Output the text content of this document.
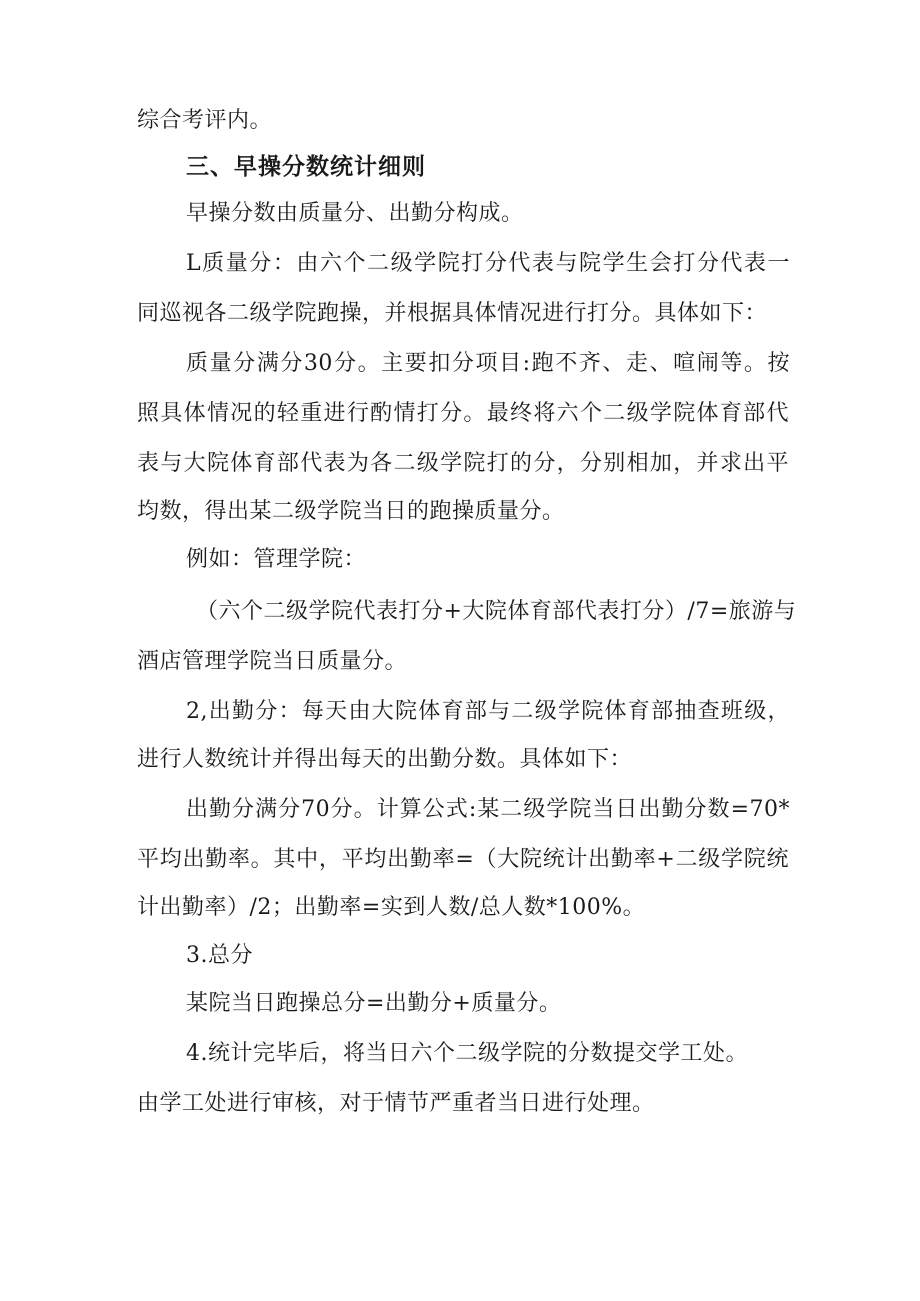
综合考评内。
三、早操分数统计细则
早操分数由质量分、出勤分构成。
L质量分：由六个二级学院打分代表与院学生会打分代表一
同巡视各二级学院跑操，并根据具体情况进行打分。具体如下：
质量分满分30分。主要扣分项目:跑不齐、走、喧闹等。按
照具体情况的轻重进行酌情打分。最终将六个二级学院体育部代
表与大院体育部代表为各二级学院打的分，分别相加，并求出平
均数，得出某二级学院当日的跑操质量分。
例如：管理学院：
（六个二级学院代表打分+大院体育部代表打分）/7=旅游与
酒店管理学院当日质量分。
2,出勤分：每天由大院体育部与二级学院体育部抽查班级，
进行人数统计并得出每天的出勤分数。具体如下：
出勤分满分70分。计算公式:某二级学院当日出勤分数=70*
平均出勤率。其中，平均出勤率=（大院统计出勤率+二级学院统
计出勤率）/2；出勤率=实到人数/总人数*100%。
3.总分
某院当日跑操总分=出勤分+质量分。
4.统计完毕后，将当日六个二级学院的分数提交学工处。
由学工处进行审核，对于情节严重者当日进行处理。
